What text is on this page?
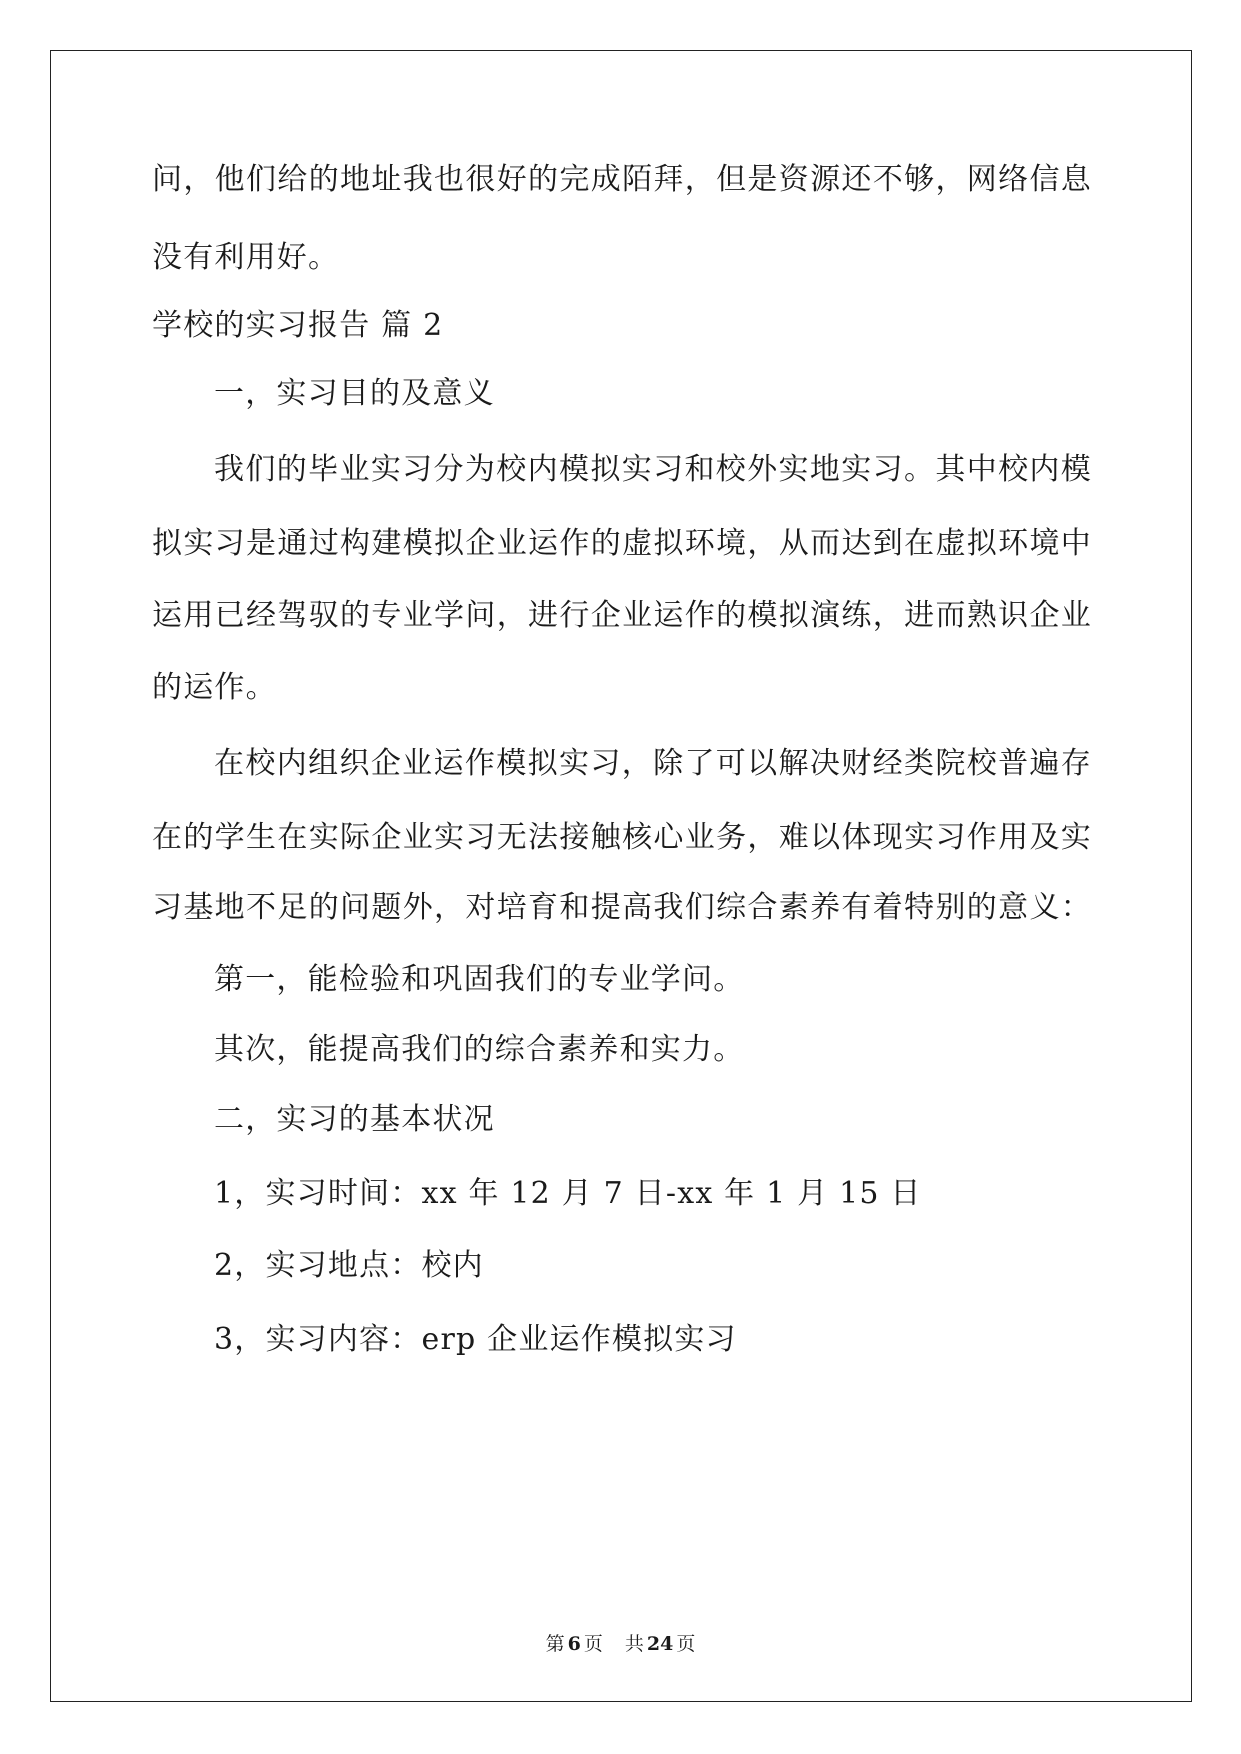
问，他们给的地址我也很好的完成陌拜，但是资源还不够，网络信息
没有利用好。
学校的实习报告 篇 2
一，实习目的及意义
我们的毕业实习分为校内模拟实习和校外实地实习。其中校内模
拟实习是通过构建模拟企业运作的虚拟环境，从而达到在虚拟环境中
运用已经驾驭的专业学问，进行企业运作的模拟演练，进而熟识企业
的运作。
在校内组织企业运作模拟实习，除了可以解决财经类院校普遍存
在的学生在实际企业实习无法接触核心业务，难以体现实习作用及实
习基地不足的问题外，对培育和提高我们综合素养有着特别的意义：
第一，能检验和巩固我们的专业学问。
其次，能提高我们的综合素养和实力。
二，实习的基本状况
1，实习时间：xx 年 12 月 7 日-xx 年 1 月 15 日
2，实习地点：校内
3，实习内容：erp 企业运作模拟实习
第 6 页 共 24 页
